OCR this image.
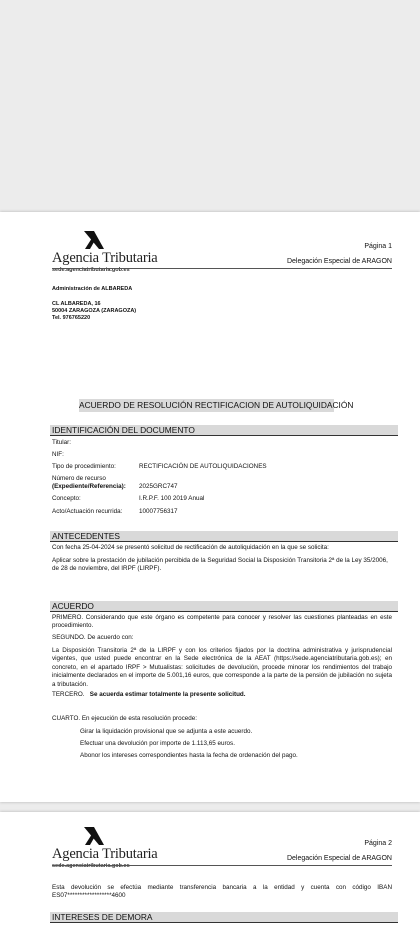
Agencia Tributaria
sede.agenciatributaria.gob.es
Página 1
Delegación Especial de ARAGON
Administración de ALBAREDA
CL ALBAREDA, 16
50004 ZARAGOZA (ZARAGOZA)
Tel. 976765220
ACUERDO DE RESOLUCIÓN RECTIFICACION DE AUTOLIQUIDACIÓN
IDENTIFICACIÓN DEL DOCUMENTO
Titular:
NIF:
Tipo de procedimiento:	RECTIFICACIÓN DE AUTOLIQUIDACIONES
Número de recurso
(Expediente/Referencia): 2025GRC747
Concepto:	I.R.P.F. 100 2019 Anual
Acto/Actuación recurrida:	10007756317
ANTECEDENTES
Con fecha 25-04-2024 se presentó solicitud de rectificación de autoliquidación en la que se solicita:
Aplicar sobre la prestación de jubilación percibida de la Seguridad Social la Disposición Transitoria 2ª de la Ley 35/2006, de 28 de noviembre, del IRPF (LIRPF).
ACUERDO
PRIMERO. Considerando que este órgano es competente para conocer y resolver las cuestiones planteadas en este procedimiento.
SEGUNDO. De acuerdo con:
La Disposición Transitoria 2ª de la LIRPF y con los criterios fijados por la doctrina administrativa y jurisprudencial vigentes, que usted puede encontrar en la Sede electrónica de la AEAT (https://sede.agenciatributaria.gob.es); en concreto, en el apartado IRPF > Mutualistas: solicitudes de devolución, procede minorar los rendimientos del trabajo inicialmente declarados en el importe de 5.001,16 euros, que corresponde a la parte de la pensión de jubilación no sujeta a tributación.
TERCERO. Se acuerda estimar totalmente la presente solicitud.
CUARTO. En ejecución de esta resolución procede:
Girar la liquidación provisional que se adjunta a este acuerdo.
Efectuar una devolución por importe de 1.113,65 euros.
Abonor los intereses correspondientes hasta la fecha de ordenación del pago.
Agencia Tributaria
sede.agenciatributaria.gob.es
Página 2
Delegación Especial de ARAGON
Esta devolución se efectúa mediante transferencia bancaria a la entidad y cuenta con código IBAN ES07******************4600
INTERESES DE DEMORA
